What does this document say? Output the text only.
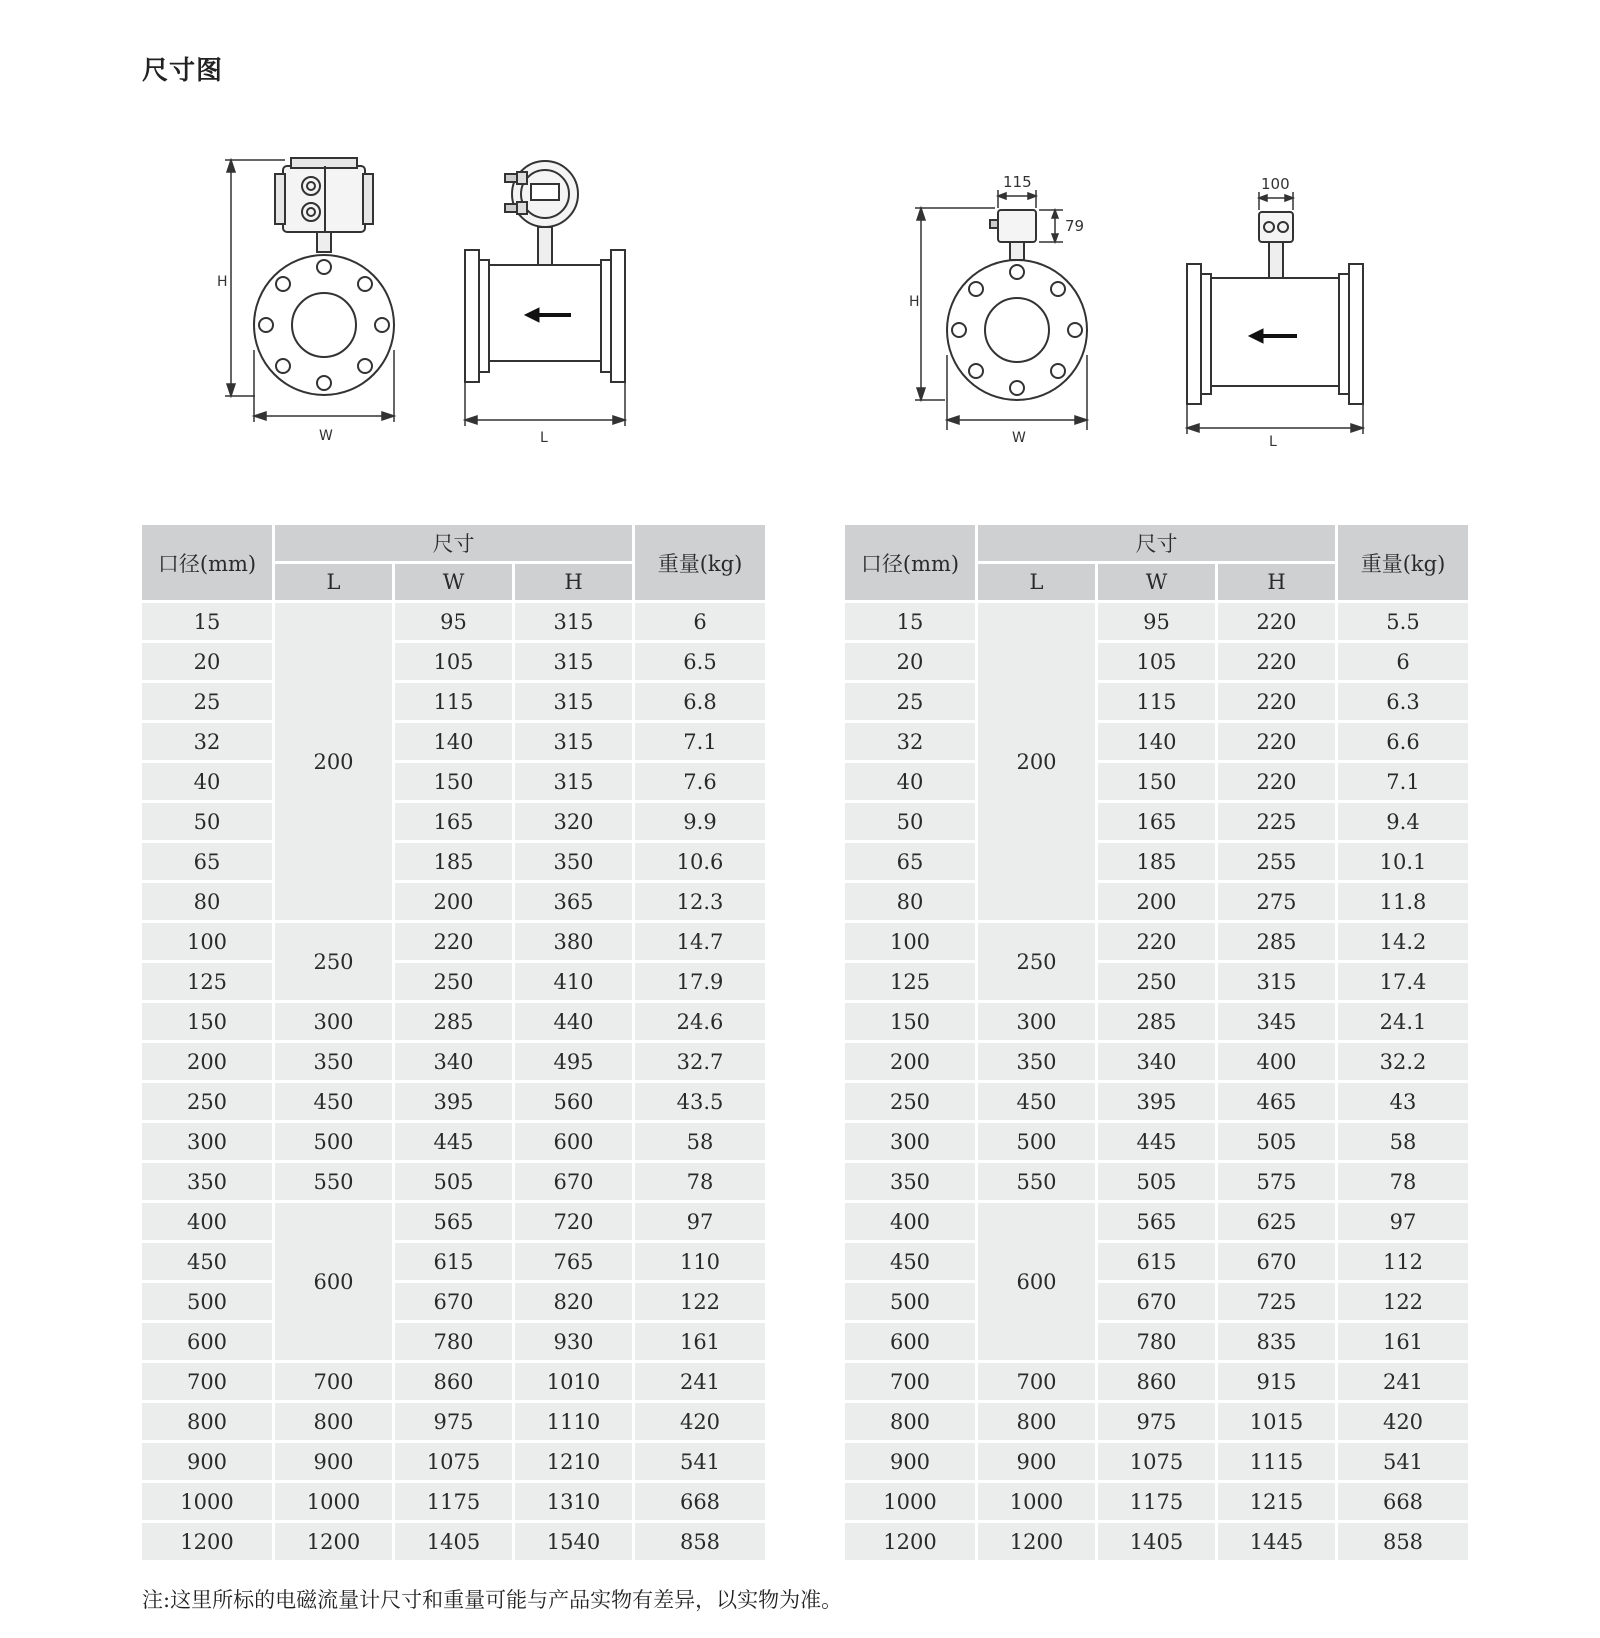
尺寸图
H
W	L
115
79
H
W
100
L
口径(mm)	尺寸			重量(kg)
	L	W	H	
15	200	95	315	6
20		105	315	6.5
25		115	315	6.8
32		140	315	7.1
40		150	315	7.6
50		165	320	9.9
65		185	350	10.6
80		200	365	12.3
100	250	220	380	14.7
125		250	410	17.9
150	300	285	440	24.6
200	350	340	495	32.7
250	450	395	560	43.5
300	500	445	600	58
350	550	505	670	78
400	600	565	720	97
450		615	765	110
500		670	820	122
600		780	930	161
700	700	860	1010	241
800	800	975	1110	420
900	900	1075	1210	541
1000	1000	1175	1310	668
1200	1200	1405	1540	858
口径(mm)	尺寸			重量(kg)
	L	W	H	
15	200	95	220	5.5
20		105	220	6
25		115	220	6.3
32		140	220	6.6
40		150	220	7.1
50		165	225	9.4
65		185	255	10.1
80		200	275	11.8
100	250	220	285	14.2
125		250	315	17.4
150	300	285	345	24.1
200	350	340	400	32.2
250	450	395	465	43
300	500	445	505	58
350	550	505	575	78
400	600	565	625	97
450		615	670	112
500		670	725	122
600		780	835	161
700	700	860	915	241
800	800	975	1015	420
900	900	1075	1115	541
1000	1000	1175	1215	668
1200	1200	1405	1445	858
注:这里所标的电磁流量计尺寸和重量可能与产品实物有差异，以实物为准。
